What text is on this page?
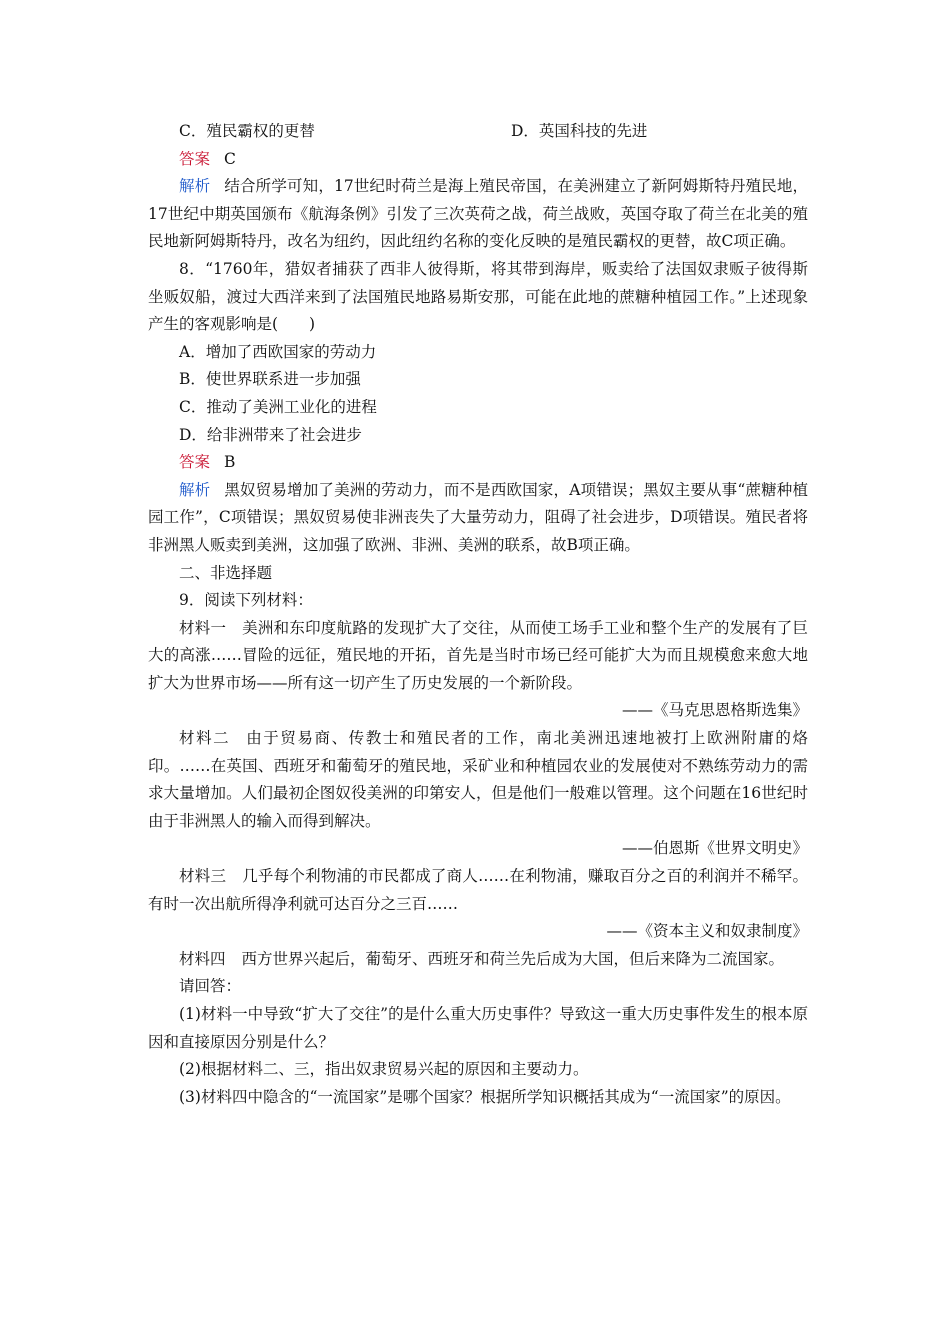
C．殖民霸权的更替	D．英国科技的先进

答案 C

解析 结合所学可知，17世纪时荷兰是海上殖民帝国，在美洲建立了新阿姆斯特丹殖民地，17世纪中期英国颁布《航海条例》引发了三次英荷之战，荷兰战败，英国夺取了荷兰在北美的殖民地新阿姆斯特丹，改名为纽约，因此纽约名称的变化反映的是殖民霸权的更替，故C项正确。

8．“1760年，猎奴者捕获了西非人彼得斯，将其带到海岸，贩卖给了法国奴隶贩子彼得斯坐贩奴船，渡过大西洋来到了法国殖民地路易斯安那，可能在此地的蔗糖种植园工作。”上述现象产生的客观影响是(　　)

A．增加了西欧国家的劳动力

B．使世界联系进一步加强

C．推动了美洲工业化的进程

D．给非洲带来了社会进步

答案 B

解析 黑奴贸易增加了美洲的劳动力，而不是西欧国家，A项错误；黑奴主要从事“蔗糖种植园工作”，C项错误；黑奴贸易使非洲丧失了大量劳动力，阻碍了社会进步，D项错误。殖民者将非洲黑人贩卖到美洲，这加强了欧洲、非洲、美洲的联系，故B项正确。

二、非选择题

9．阅读下列材料：

材料一 美洲和东印度航路的发现扩大了交往，从而使工场手工业和整个生产的发展有了巨大的高涨……冒险的远征，殖民地的开拓，首先是当时市场已经可能扩大为而且规模愈来愈大地扩大为世界市场——所有这一切产生了历史发展的一个新阶段。

——《马克思恩格斯选集》

材料二 由于贸易商、传教士和殖民者的工作，南北美洲迅速地被打上欧洲附庸的烙印。……在英国、西班牙和葡萄牙的殖民地，采矿业和种植园农业的发展使对不熟练劳动力的需求大量增加。人们最初企图奴役美洲的印第安人，但是他们一般难以管理。这个问题在16世纪时由于非洲黑人的输入而得到解决。

——伯恩斯《世界文明史》

材料三 几乎每个利物浦的市民都成了商人……在利物浦，赚取百分之百的利润并不稀罕。有时一次出航所得净利就可达百分之三百……

——《资本主义和奴隶制度》

材料四 西方世界兴起后，葡萄牙、西班牙和荷兰先后成为大国，但后来降为二流国家。

请回答：

(1)材料一中导致“扩大了交往”的是什么重大历史事件？导致这一重大历史事件发生的根本原因和直接原因分别是什么？

(2)根据材料二、三，指出奴隶贸易兴起的原因和主要动力。

(3)材料四中隐含的“一流国家”是哪个国家？根据所学知识概括其成为“一流国家”的原因。
